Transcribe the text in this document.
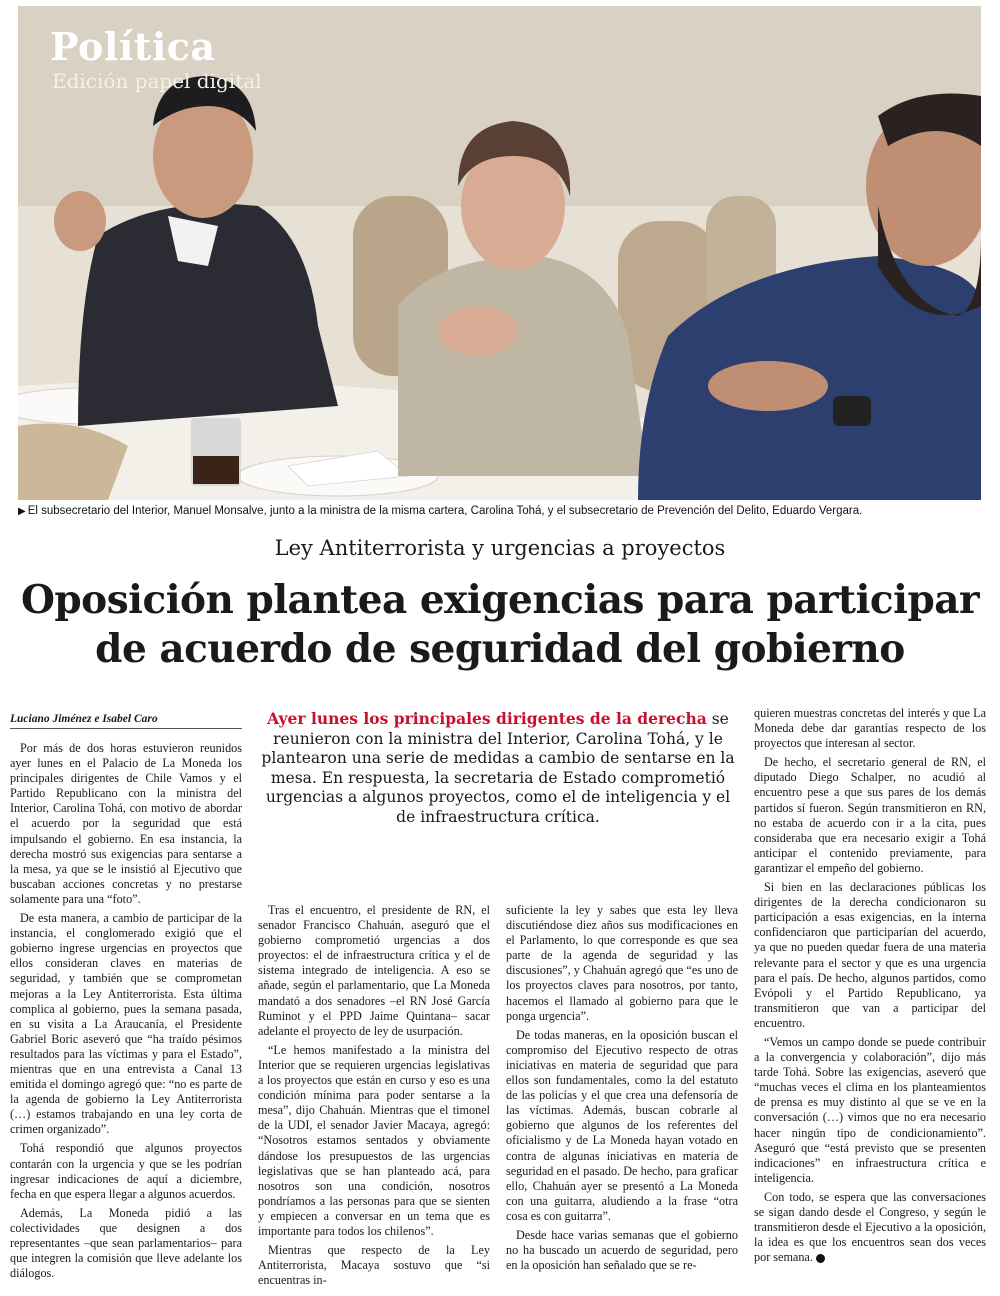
Política
Edición papel digital
▶ El subsecretario del Interior, Manuel Monsalve, junto a la ministra de la misma cartera, Carolina Tohá, y el subsecretario de Prevención del Delito, Eduardo Vergara.
Ley Antiterrorista y urgencias a proyectos
Oposición plantea exigencias para participar
de acuerdo de seguridad del gobierno
Luciano Jiménez e Isabel Caro	Ayer lunes los principales dirigentes de la derecha se reunieron con la ministra del Interior, Carolina Tohá, y le plantearon una serie de medidas a cambio de sentarse en la mesa. En respuesta, la secretaria de Estado comprometió urgencias a algunos proyectos, como el de inteligencia y el de infraestructura crítica.

Por más de dos horas estuvieron reunidos ayer lunes en el Palacio de La Moneda los principales dirigentes de Chile Vamos y el Partido Republicano con la ministra del Interior, Carolina Tohá, con motivo de abordar el acuerdo por la seguridad que está impulsando el gobierno. En esa instancia, la derecha mostró sus exigencias para sentarse a la mesa, ya que se le insistió al Ejecutivo que buscaban acciones concretas y no prestarse solamente para una “foto”.

De esta manera, a cambio de participar de la instancia, el conglomerado exigió que el gobierno ingrese urgencias en proyectos que ellos consideran claves en materias de seguridad, y también que se comprometan mejoras a la Ley Antiterrorista. Esta última complica al gobierno, pues la semana pasada, en su visita a La Araucanía, el Presidente Gabriel Boric aseveró que “ha traído pésimos resultados para las víctimas y para el Estado”, mientras que en una entrevista a Canal 13 emitida el domingo agregó que: “no es parte de la agenda de gobierno la Ley Antiterrorista (…) estamos trabajando en una ley corta de crimen organizado”.

Tohá respondió que algunos proyectos contarán con la urgencia y que se les podrían ingresar indicaciones de aquí a diciembre, fecha en que espera llegar a algunos acuerdos.

Además, La Moneda pidió a las colectividades que designen a dos representantes –que sean parlamentarios– para que integren la comisión que lleve adelante los diálogos.

Tras el encuentro, el presidente de RN, el senador Francisco Chahuán, aseguró que el gobierno comprometió urgencias a dos proyectos: el de infraestructura crítica y el de sistema integrado de inteligencia. A eso se añade, según el parlamentario, que La Moneda mandató a dos senadores –el RN José García Ruminot y el PPD Jaime Quintana– sacar adelante el proyecto de ley de usurpación.

“Le hemos manifestado a la ministra del Interior que se requieren urgencias legislativas a los proyectos que están en curso y eso es una condición mínima para poder sentarse a la mesa”, dijo Chahuán. Mientras que el timonel de la UDI, el senador Javier Macaya, agregó: “Nosotros estamos sentados y obviamente dándose los presupuestos de las urgencias legislativas que se han planteado acá, para nosotros son una condición, nosotros pondríamos a las personas para que se sienten y empiecen a conversar en un tema que es importante para todos los chilenos”.

Mientras que respecto de la Ley Antiterrorista, Macaya sostuvo que “si encuentras in-

suficiente la ley y sabes que esta ley lleva discutiéndose diez años sus modificaciones en el Parlamento, lo que corresponde es que sea parte de la agenda de seguridad y las discusiones”, y Chahuán agregó que “es uno de los proyectos claves para nosotros, por tanto, hacemos el llamado al gobierno para que le ponga urgencia”.

De todas maneras, en la oposición buscan el compromiso del Ejecutivo respecto de otras iniciativas en materia de seguridad que para ellos son fundamentales, como la del estatuto de las policías y el que crea una defensoría de las víctimas. Además, buscan cobrarle al gobierno que algunos de los referentes del oficialismo y de La Moneda hayan votado en contra de algunas iniciativas en materia de seguridad en el pasado. De hecho, para graficar ello, Chahuán ayer se presentó a La Moneda con una guitarra, aludiendo a la frase “otra cosa es con guitarra”.

Desde hace varias semanas que el gobierno no ha buscado un acuerdo de seguridad, pero en la oposición han señalado que se re-

quieren muestras concretas del interés y que La Moneda debe dar garantías respecto de los proyectos que interesan al sector.

De hecho, el secretario general de RN, el diputado Diego Schalper, no acudió al encuentro pese a que sus pares de los demás partidos sí fueron. Según transmitieron en RN, no estaba de acuerdo con ir a la cita, pues consideraba que era necesario exigir a Tohá anticipar el contenido previamente, para garantizar el empeño del gobierno.

Si bien en las declaraciones públicas los dirigentes de la derecha condicionaron su participación a esas exigencias, en la interna confidenciaron que participarían del acuerdo, ya que no pueden quedar fuera de una materia relevante para el sector y que es una urgencia para el país. De hecho, algunos partidos, como Evópoli y el Partido Republicano, ya transmitieron que van a participar del encuentro.

“Vemos un campo donde se puede contribuir a la convergencia y colaboración”, dijo más tarde Tohá. Sobre las exigencias, aseveró que “muchas veces el clima en los planteamientos de prensa es muy distinto al que se ve en la conversación (…) vimos que no era necesario hacer ningún tipo de condicionamiento”. Aseguró que “está previsto que se presenten indicaciones” en infraestructura crítica e inteligencia.

Con todo, se espera que las conversaciones se sigan dando desde el Congreso, y según le transmitieron desde el Ejecutivo a la oposición, la idea es que los encuentros sean dos veces por semana.
